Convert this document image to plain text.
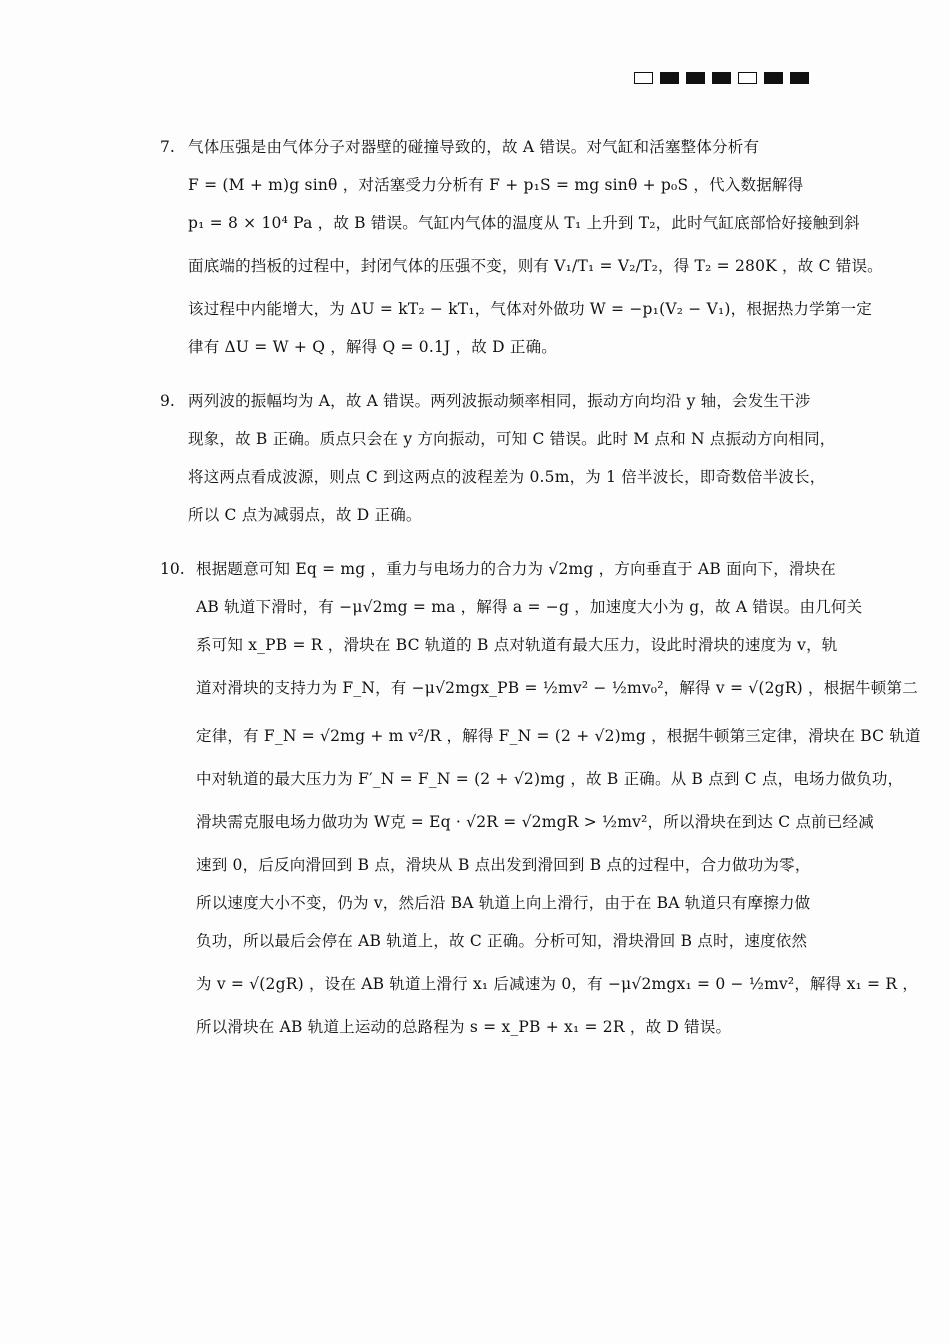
7. 气体压强是由气体分子对器壁的碰撞导致的，故 A 错误。对气缸和活塞整体分析有
F = (M + m)g sinθ ，对活塞受力分析有 F + p₁S = mg sinθ + p₀S ，代入数据解得
p₁ = 8 × 10⁴ Pa ，故 B 错误。气缸内气体的温度从 T₁ 上升到 T₂，此时气缸底部恰好接触到斜
面底端的挡板的过程中，封闭气体的压强不变，则有 V₁/T₁ = V₂/T₂，得 T₂ = 280K ，故 C 错误。
该过程中内能增大，为 ΔU = kT₂ − kT₁，气体对外做功 W = −p₁(V₂ − V₁)，根据热力学第一定
律有 ΔU = W + Q ，解得 Q = 0.1J ，故 D 正确。
9. 两列波的振幅均为 A，故 A 错误。两列波振动频率相同，振动方向均沿 y 轴，会发生干涉
现象，故 B 正确。质点只会在 y 方向振动，可知 C 错误。此时 M 点和 N 点振动方向相同，
将这两点看成波源，则点 C 到这两点的波程差为 0.5m，为 1 倍半波长，即奇数倍半波长，
所以 C 点为减弱点，故 D 正确。
10. 根据题意可知 Eq = mg ，重力与电场力的合力为 √2mg ，方向垂直于 AB 面向下，滑块在
AB 轨道下滑时，有 −μ√2mg = ma ，解得 a = −g ，加速度大小为 g，故 A 错误。由几何关
系可知 x_PB = R ，滑块在 BC 轨道的 B 点对轨道有最大压力，设此时滑块的速度为 v，轨
道对滑块的支持力为 F_N，有 −μ√2mgx_PB = ½mv² − ½mv₀²，解得 v = √(2gR) ，根据牛顿第二
定律，有 F_N = √2mg + m v²/R ，解得 F_N = (2 + √2)mg ，根据牛顿第三定律，滑块在 BC 轨道
中对轨道的最大压力为 F′_N = F_N = (2 + √2)mg ，故 B 正确。从 B 点到 C 点，电场力做负功，
滑块需克服电场力做功为 W克 = Eq · √2R = √2mgR > ½mv²，所以滑块在到达 C 点前已经减
速到 0，后反向滑回到 B 点，滑块从 B 点出发到滑回到 B 点的过程中，合力做功为零，
所以速度大小不变，仍为 v，然后沿 BA 轨道上向上滑行，由于在 BA 轨道只有摩擦力做
负功，所以最后会停在 AB 轨道上，故 C 正确。分析可知，滑块滑回 B 点时，速度依然
为 v = √(2gR) ，设在 AB 轨道上滑行 x₁ 后减速为 0，有 −μ√2mgx₁ = 0 − ½mv²，解得 x₁ = R ，
所以滑块在 AB 轨道上运动的总路程为 s = x_PB + x₁ = 2R ，故 D 错误。
